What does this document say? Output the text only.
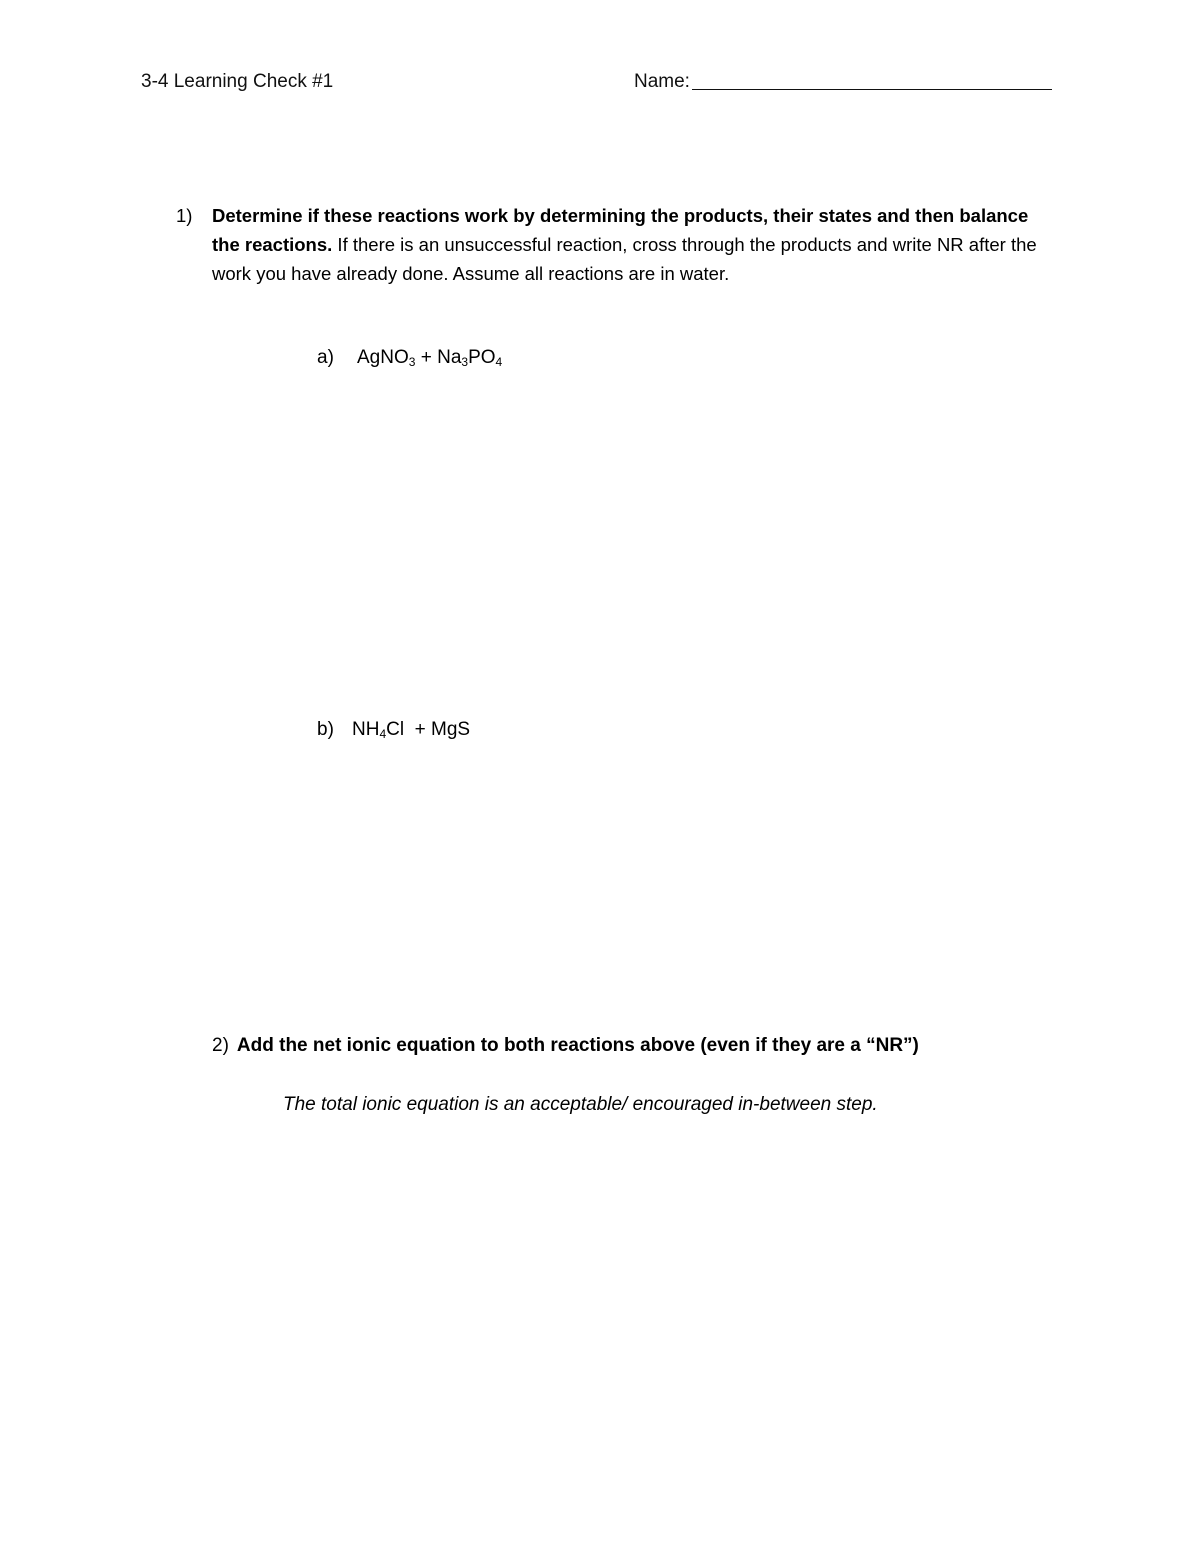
3-4 Learning Check #1	Name:
1)	Determine if these reactions work by determining the products, their states and then balance the reactions. If there is an unsuccessful reaction, cross through the products and write NR after the work you have already done. Assume all reactions are in water.
a) AgNO$_3$ + $Na_3PO_4$
b) $NH_4Cl$  + MgS
2) Add the net ionic equation to both reactions above (even if they are a “NR”)
The total ionic equation is an acceptable/ encouraged in-between step.
